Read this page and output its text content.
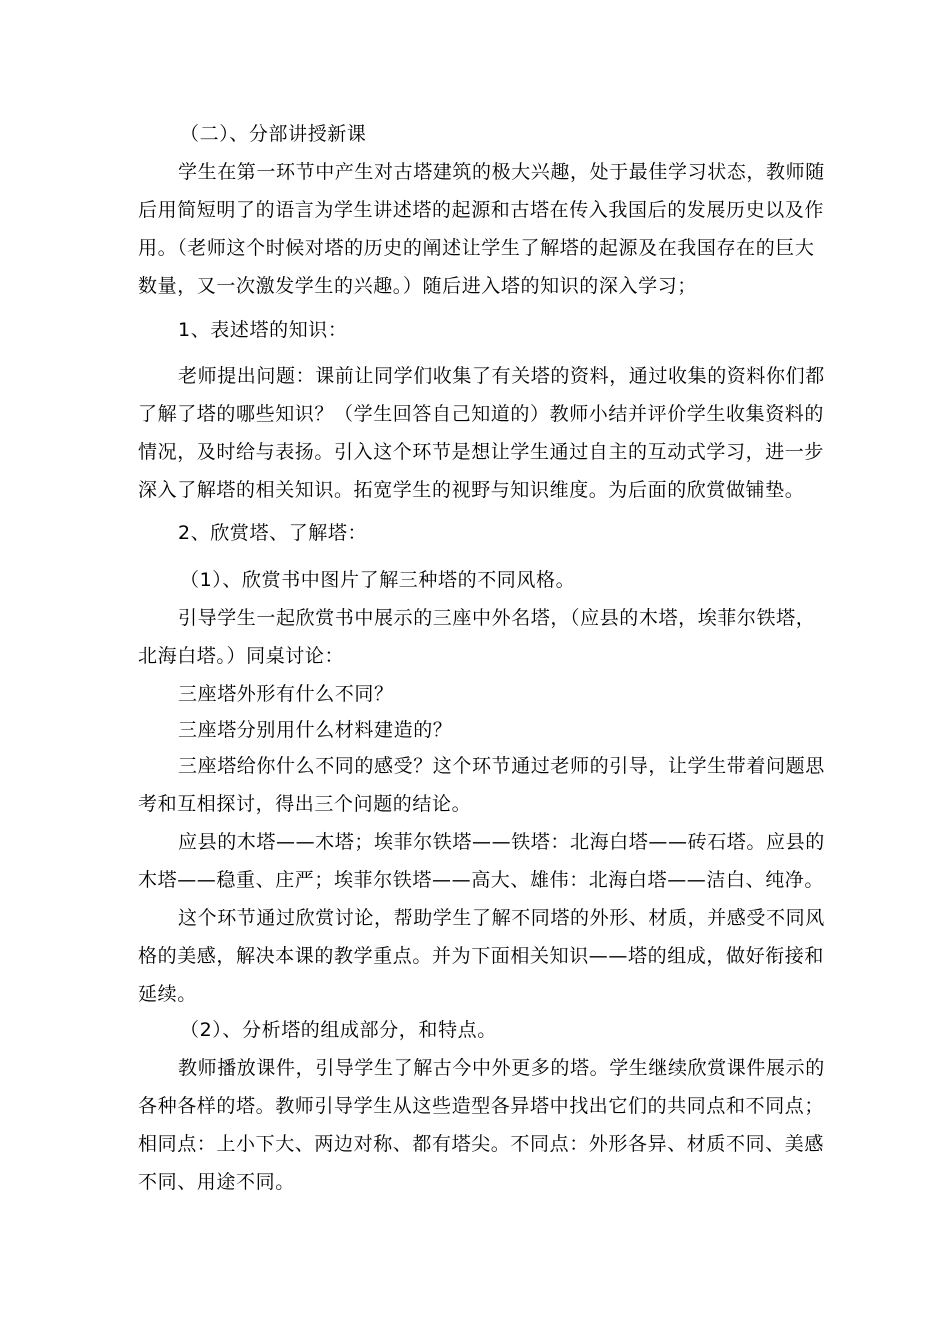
（二）、分部讲授新课

学生在第一环节中产生对古塔建筑的极大兴趣，处于最佳学习状态，教师随

后用简短明了的语言为学生讲述塔的起源和古塔在传入我国后的发展历史以及作

用。（老师这个时候对塔的历史的阐述让学生了解塔的起源及在我国存在的巨大

数量，又一次激发学生的兴趣。）随后进入塔的知识的深入学习；

1、表述塔的知识：

老师提出问题：课前让同学们收集了有关塔的资料，通过收集的资料你们都

了解了塔的哪些知识？（学生回答自己知道的）教师小结并评价学生收集资料的

情况，及时给与表扬。引入这个环节是想让学生通过自主的互动式学习，进一步

深入了解塔的相关知识。拓宽学生的视野与知识维度。为后面的欣赏做铺垫。

2、欣赏塔、了解塔：

（1）、欣赏书中图片了解三种塔的不同风格。

引导学生一起欣赏书中展示的三座中外名塔，（应县的木塔，埃菲尔铁塔，

北海白塔。）同桌讨论：

三座塔外形有什么不同？

三座塔分别用什么材料建造的？

三座塔给你什么不同的感受？这个环节通过老师的引导，让学生带着问题思

考和互相探讨，得出三个问题的结论。

应县的木塔——木塔；埃菲尔铁塔——铁塔：北海白塔——砖石塔。应县的

木塔——稳重、庄严；埃菲尔铁塔——高大、雄伟：北海白塔——洁白、纯净。

这个环节通过欣赏讨论，帮助学生了解不同塔的外形、材质，并感受不同风

格的美感，解决本课的教学重点。并为下面相关知识——塔的组成，做好衔接和

延续。

（2）、分析塔的组成部分，和特点。

教师播放课件，引导学生了解古今中外更多的塔。学生继续欣赏课件展示的

各种各样的塔。教师引导学生从这些造型各异塔中找出它们的共同点和不同点；

相同点：上小下大、两边对称、都有塔尖。不同点：外形各异、材质不同、美感

不同、用途不同。
